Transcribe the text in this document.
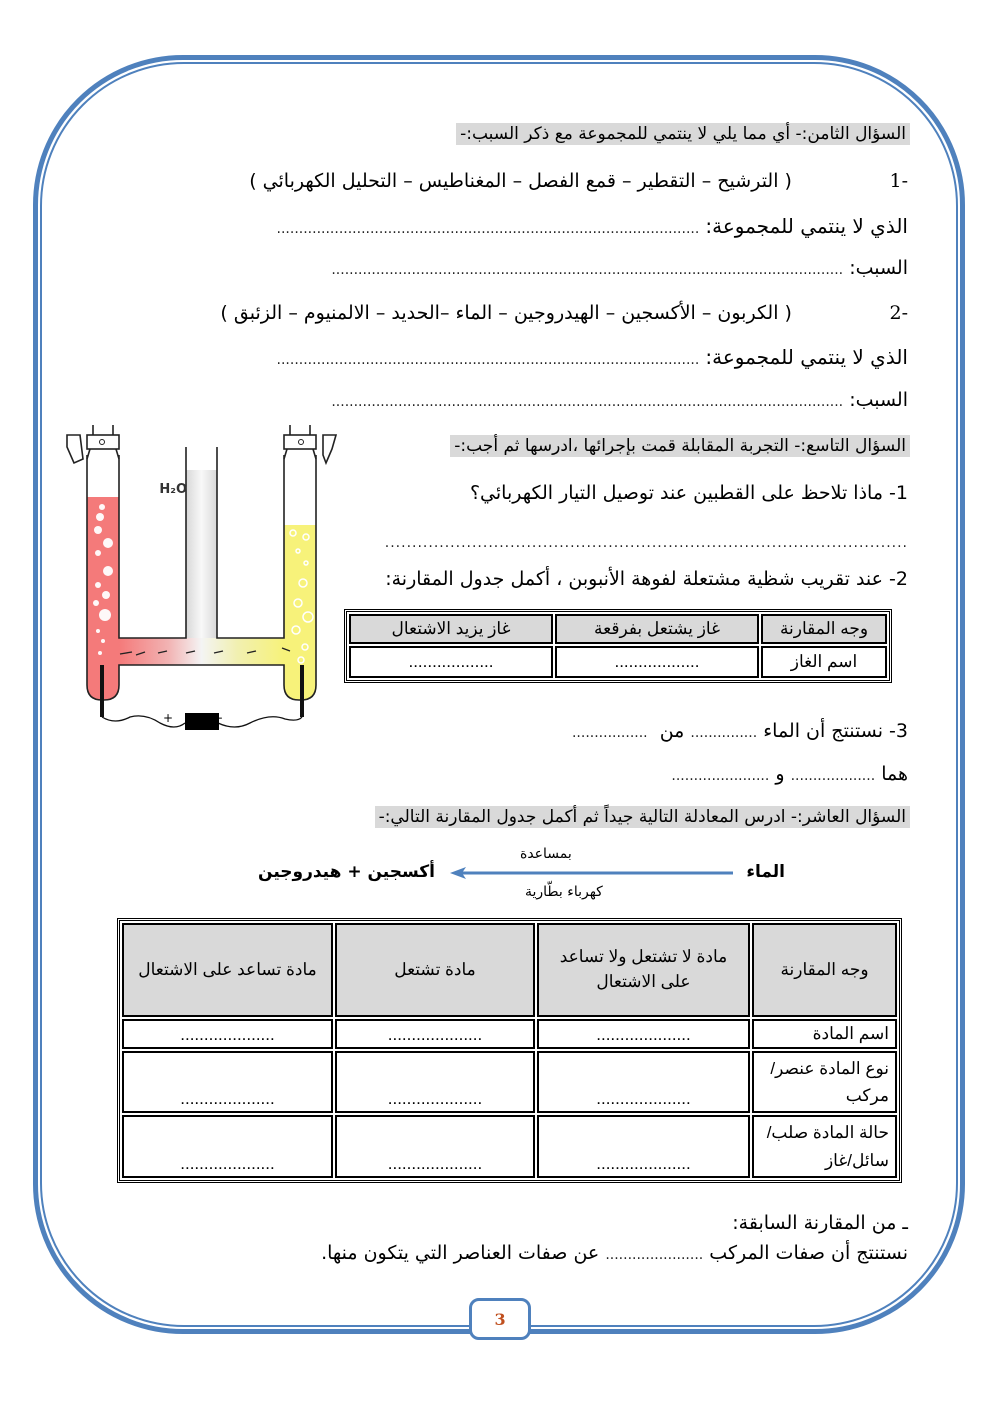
السؤال الثامن:- أي مما يلي لا ينتمي للمجموعة مع ذكر السبب:-
-1 ( الترشيح – التقطير – قمع الفصل – المغناطيس – التحليل الكهربائي )
الذي لا ينتمي للمجموعة: ...............................................................................................
السبب: ...................................................................................................................
-2 ( الكربون – الأكسجين – الهيدروجين – الماء –الحديد – الالمنيوم – الزئبق )
الذي لا ينتمي للمجموعة: ...............................................................................................
السبب: ...................................................................................................................
السؤال التاسع:- التجربة المقابلة قمت بإجرائها ،ادرسها ثم أجب:-
H₂O
+	−
1- ماذا تلاحظ على القطبين عند توصيل التيار الكهربائي؟
................................................................................................
2- عند تقريب شظية مشتعلة لفوهة الأنبوبن ، أكمل جدول المقارنة:
وجه المقارنة	غاز يشتعل بفرقعة	غاز يزيد الاشتعال
اسم الغاز	..................	..................
3- نستنتج أن الماء ............... من  .................
هما ................... و ......................
السؤال العاشر:- ادرس المعادلة التالية جيداً ثم أكمل جدول المقارنة التالي:-
الماء
بمساعدة
كهرباء بطّارية
أكسجين + هيدروجين
وجه المقارنة	مادة لا تشتعل ولا تساعد على الاشتعال	مادة تشتعل	مادة تساعد على الاشتعال
اسم المادة	....................	....................	....................
نوع المادة عنصر/مركب	....................	....................	....................
حالة المادة صلب/سائل/غاز	....................	....................	....................
ـ من المقارنة السابقة:
نستنتج أن صفات المركب ...................... عن صفات العناصر التي يتكون منها.
3
